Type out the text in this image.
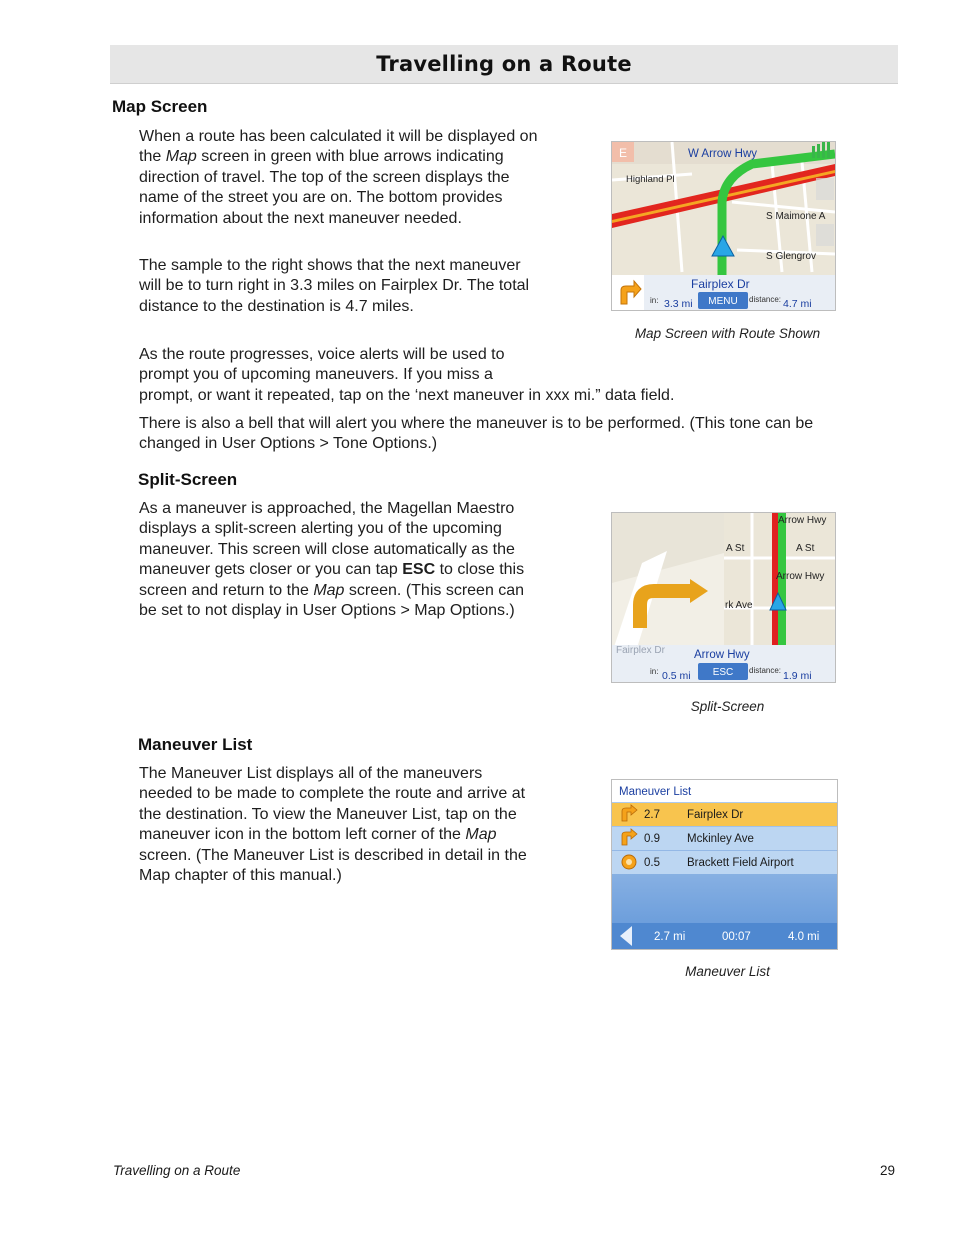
Travelling on a Route
Map Screen

When a route has been calculated it will be displayed on the Map screen in green with blue arrows indicating direction of travel. The top of the screen displays the name of the street you are on. The bottom provides information about the next maneuver needed.

The sample to the right shows that the next maneuver will be to turn right in 3.3 miles on Fairplex Dr. The total distance to the destination is 4.7 miles.

As the route progresses, voice alerts will be used to prompt you of upcoming maneuvers. If you miss a

prompt, or want it repeated, tap on the ‘next maneuver in xxx mi.” data field.

There is also a bell that will alert you where the maneuver is to be performed. (This tone can be changed in User Options > Tone Options.)

E	W Arrow Hwy
Highland Pl
S Maimone A
S Glengrov
Fairplex Dr
in: 3.3 mi MENU distance: 4.7 mi
Map Screen with Route Shown
Split-Screen

As a maneuver is approached, the Magellan Maestro displays a split-screen alerting you of the upcoming maneuver. This screen will close automatically as the maneuver gets closer or you can tap ESC to close this screen and return to the Map screen. (This screen can be set to not display in User Options > Map Options.)

Arrow Hwy
A St	A St
Arrow Hwy
rk Ave
Fairplex Dr	Arrow Hwy
in: 0.5 mi ESC distance: 1.9 mi
Split-Screen
Maneuver List

The Maneuver List displays all of the maneuvers needed to be made to complete the route and arrive at the destination. To view the Maneuver List, tap on the maneuver icon in the bottom left corner of the Map screen. (The Maneuver List is described in detail in the Map chapter of this manual.)

Maneuver List
2.7 Fairplex Dr
0.9 Mckinley Ave
0.5 Brackett Field Airport
2.7 mi	00:07	4.0 mi
Maneuver List
Travelling on a Route	29
